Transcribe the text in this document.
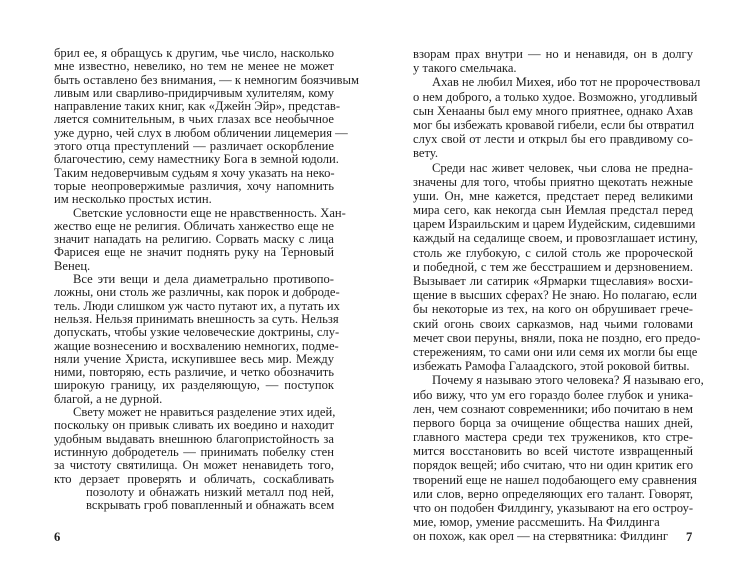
брил ее, я обращусь к другим, чье число, насколько
мне известно, невелико, но тем не менее не может
быть оставлено без внимания, — к немногим боязчивым
ливым или сварливо-придирчивым хулителям, кому
направление таких книг, как «Джейн Эйр», представ-
ляется сомнительным, в чьих глазах все необычное
уже дурно, чей слух в любом обличении лицемерия —
этого отца преступлений — различает оскорбление
благочестию, сему наместнику Бога в земной юдоли.
Таким недоверчивым судьям я хочу указать на неко-
торые неопровержимые различия, хочу напомнить
им несколько простых истин.
Светские условности еще не нравственность. Хан-
жество еще не религия. Обличать ханжество еще не
значит нападать на религию. Сорвать маску с лица
Фарисея еще не значит поднять руку на Терновый
Венец.
Все эти вещи и дела диаметрально противопо-
ложны, они столь же различны, как порок и доброде-
тель. Люди слишком уж часто путают их, а путать их
нельзя. Нельзя принимать внешность за суть. Нельзя
допускать, чтобы узкие человеческие доктрины, слу-
жащие вознесению и восхвалению немногих, подме-
няли учение Христа, искупившее весь мир. Между
ними, повторяю, есть различие, и четко обозначить
широкую границу, их разделяющую, — поступок
благой, а не дурной.
Свету может не нравиться разделение этих идей,
поскольку он привык сливать их воедино и находит
удобным выдавать внешнюю благопристойность за
истинную добродетель — принимать побелку стен
за чистоту святилища. Он может ненавидеть того,
кто дерзает проверять и обличать, соскабливать
позолоту и обнажать низкий металл под ней,
вскрывать гроб повапленный и обнажать всем
6
взорам прах внутри — но и ненавидя, он в долгу
у такого смельчака.
Ахав не любил Михея, ибо тот не пророчествовал
о нем доброго, а только худое. Возможно, угодливый
сын Хенааны был ему много приятнее, однако Ахав
мог бы избежать кровавой гибели, если бы отвратил
слух свой от лести и открыл бы его правдивому со-
вету.
Среди нас живет человек, чьи слова не предна-
значены для того, чтобы приятно щекотать нежные
уши. Он, мне кажется, предстает перед великими
мира сего, как некогда сын Иемлая предстал перед
царем Израильским и царем Иудейским, сидевшими
каждый на седалище своем, и провозглашает истину,
столь же глубокую, с силой столь же пророческой
и победной, с тем же бесстрашием и дерзновением.
Вызывает ли сатирик «Ярмарки тщеславия» восхи-
щение в высших сферах? Не знаю. Но полагаю, если
бы некоторые из тех, на кого он обрушивает грече-
ский огонь своих сарказмов, над чьими головами
мечет свои перуны, вняли, пока не поздно, его предо-
стережениям, то сами они или семя их могли бы еще
избежать Рамофа Галаадского, этой роковой битвы.
Почему я называю этого человека? Я называю его,
ибо вижу, что ум его гораздо более глубок и уника-
лен, чем сознают современники; ибо почитаю в нем
первого борца за очищение общества наших дней,
главного мастера среди тех тружеников, кто стре-
мится восстановить во всей чистоте извращенный
порядок вещей; ибо считаю, что ни один критик его
творений еще не нашел подобающего ему сравнения
или слов, верно определяющих его талант. Говорят,
что он подобен Филдингу, указывают на его остроу-
мие, юмор, умение рассмешить. На Филдинга
он похож, как орел — на стервятника: Филдинг 7
